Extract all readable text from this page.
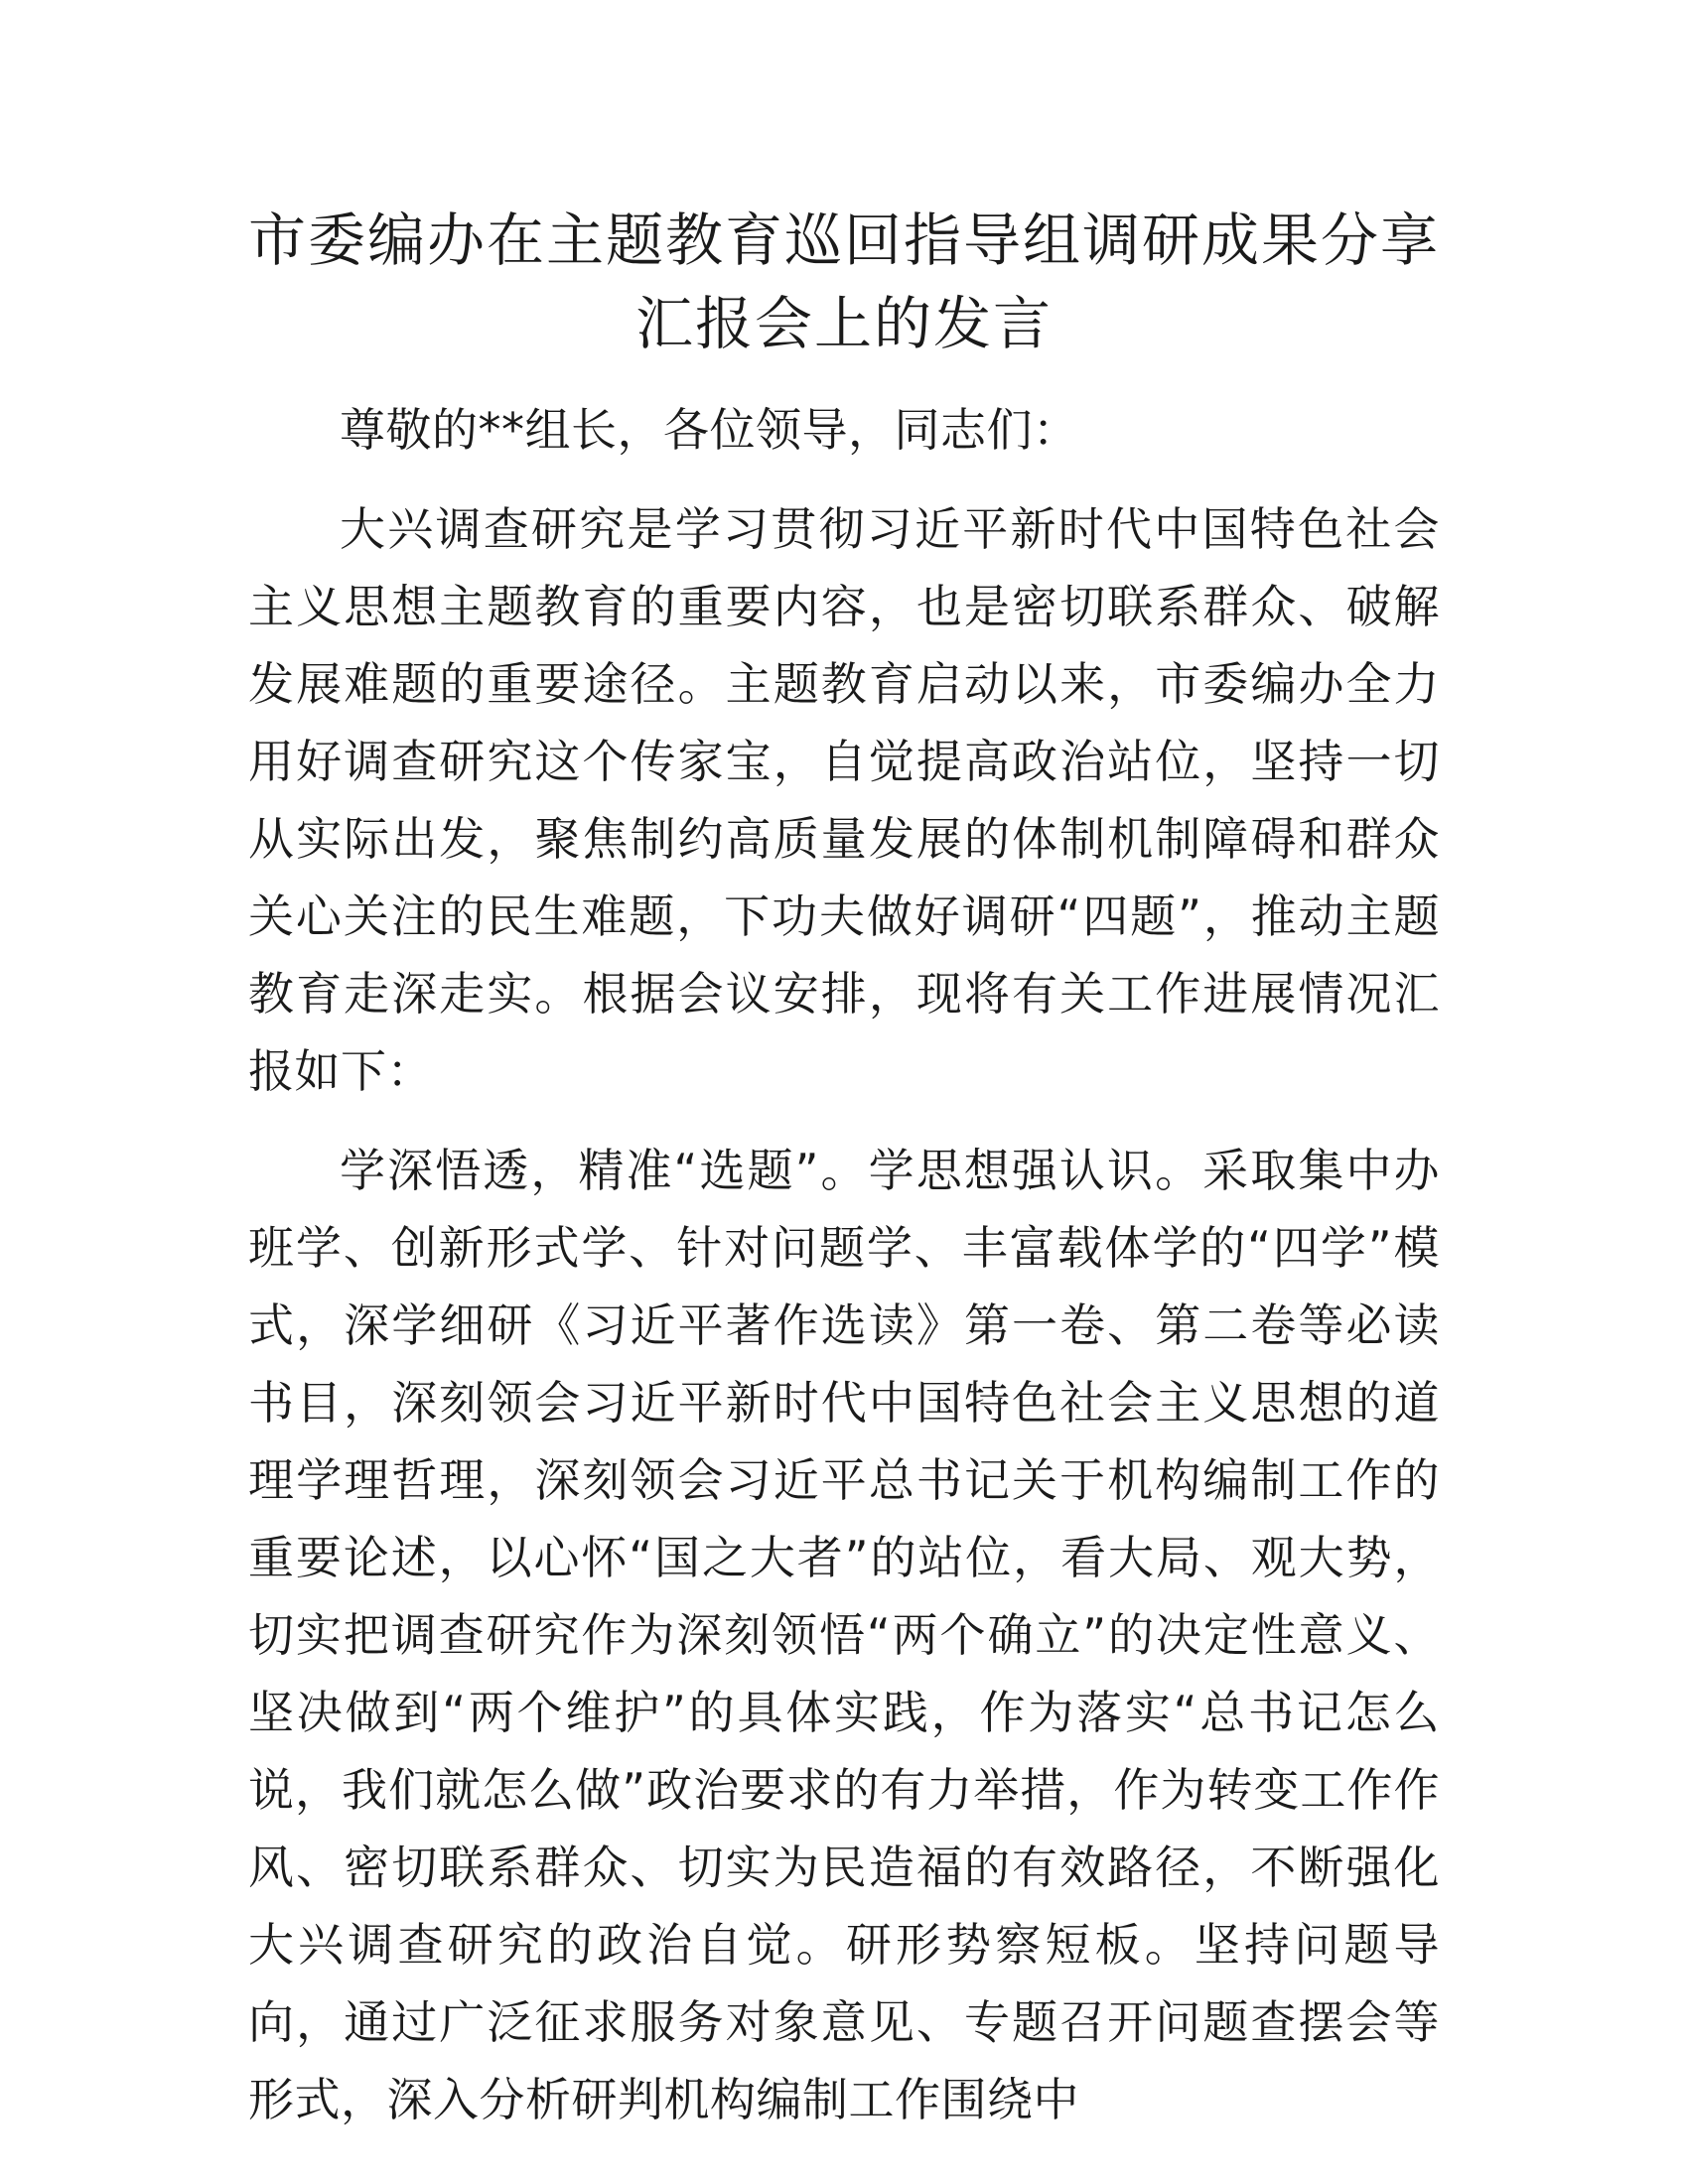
市委编办在主题教育巡回指导组调研成果分享
汇报会上的发言

尊敬的**组长，各位领导，同志们：

大兴调查研究是学习贯彻习近平新时代中国特色社会主义思想主题教育的重要内容，也是密切联系群众、破解发展难题的重要途径。主题教育启动以来，市委编办全力用好调查研究这个传家宝，自觉提高政治站位，坚持一切从实际出发，聚焦制约高质量发展的体制机制障碍和群众关心关注的民生难题，下功夫做好调研“四题”，推动主题教育走深走实。根据会议安排，现将有关工作进展情况汇报如下：

学深悟透，精准“选题”。学思想强认识。采取集中办班学、创新形式学、针对问题学、丰富载体学的“四学”模式，深学细研《习近平著作选读》第一卷、第二卷等必读书目，深刻领会习近平新时代中国特色社会主义思想的道理学理哲理，深刻领会习近平总书记关于机构编制工作的重要论述，以心怀“国之大者”的站位，看大局、观大势，切实把调查研究作为深刻领悟“两个确立”的决定性意义、坚决做到“两个维护”的具体实践，作为落实“总书记怎么说，我们就怎么做”政治要求的有力举措，作为转变工作作风、密切联系群众、切实为民造福的有效路径，不断强化大兴调查研究的政治自觉。研形势察短板。坚持问题导向，通过广泛征求服务对象意见、专题召开问题查摆会等形式，深入分析研判机构编制工作围绕中
